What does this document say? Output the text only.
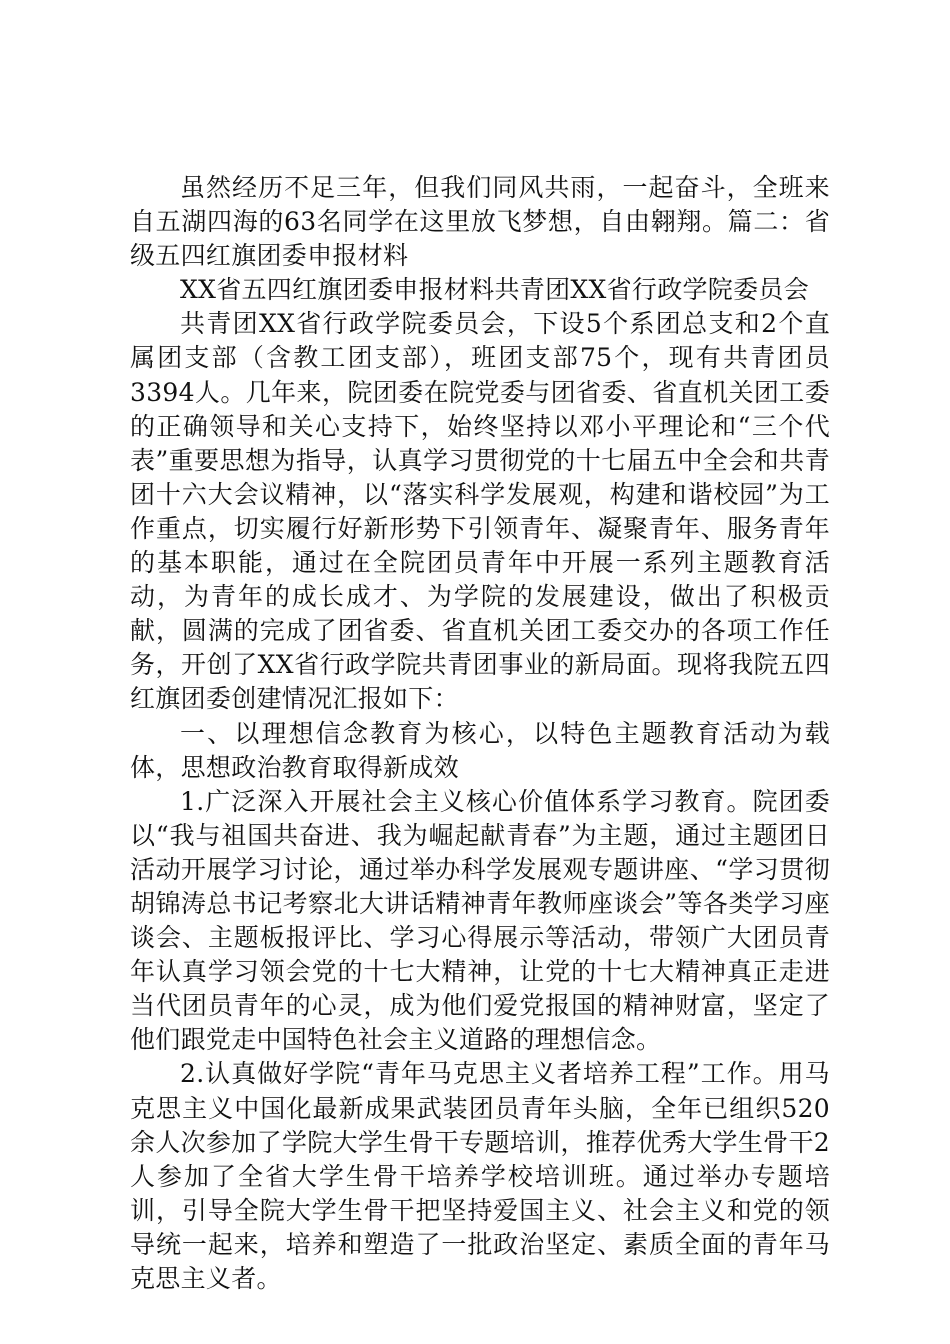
虽然经历不足三年，但我们同风共雨，一起奋斗，全班来自五湖四海的63名同学在这里放飞梦想，自由翱翔。篇二：省级五四红旗团委申报材料

XX省五四红旗团委申报材料共青团XX省行政学院委员会

共青团XX省行政学院委员会，下设5个系团总支和2个直属团支部（含教工团支部），班团支部75个，现有共青团员3394人。几年来，院团委在院党委与团省委、省直机关团工委的正确领导和关心支持下，始终坚持以邓小平理论和“三个代表”重要思想为指导，认真学习贯彻党的十七届五中全会和共青团十六大会议精神，以“落实科学发展观，构建和谐校园”为工作重点，切实履行好新形势下引领青年、凝聚青年、服务青年的基本职能，通过在全院团员青年中开展一系列主题教育活动，为青年的成长成才、为学院的发展建设，做出了积极贡献，圆满的完成了团省委、省直机关团工委交办的各项工作任务，开创了XX省行政学院共青团事业的新局面。现将我院五四红旗团委创建情况汇报如下：

一、以理想信念教育为核心，以特色主题教育活动为载体，思想政治教育取得新成效

1.广泛深入开展社会主义核心价值体系学习教育。院团委以“我与祖国共奋进、我为崛起献青春”为主题，通过主题团日活动开展学习讨论，通过举办科学发展观专题讲座、“学习贯彻胡锦涛总书记考察北大讲话精神青年教师座谈会”等各类学习座谈会、主题板报评比、学习心得展示等活动，带领广大团员青年认真学习领会党的十七大精神，让党的十七大精神真正走进当代团员青年的心灵，成为他们爱党报国的精神财富，坚定了他们跟党走中国特色社会主义道路的理想信念。

2.认真做好学院“青年马克思主义者培养工程”工作。用马克思主义中国化最新成果武装团员青年头脑，全年已组织520余人次参加了学院大学生骨干专题培训，推荐优秀大学生骨干2人参加了全省大学生骨干培养学校培训班。通过举办专题培训，引导全院大学生骨干把坚持爱国主义、社会主义和党的领导统一起来，培养和塑造了一批政治坚定、素质全面的青年马克思主义者。
